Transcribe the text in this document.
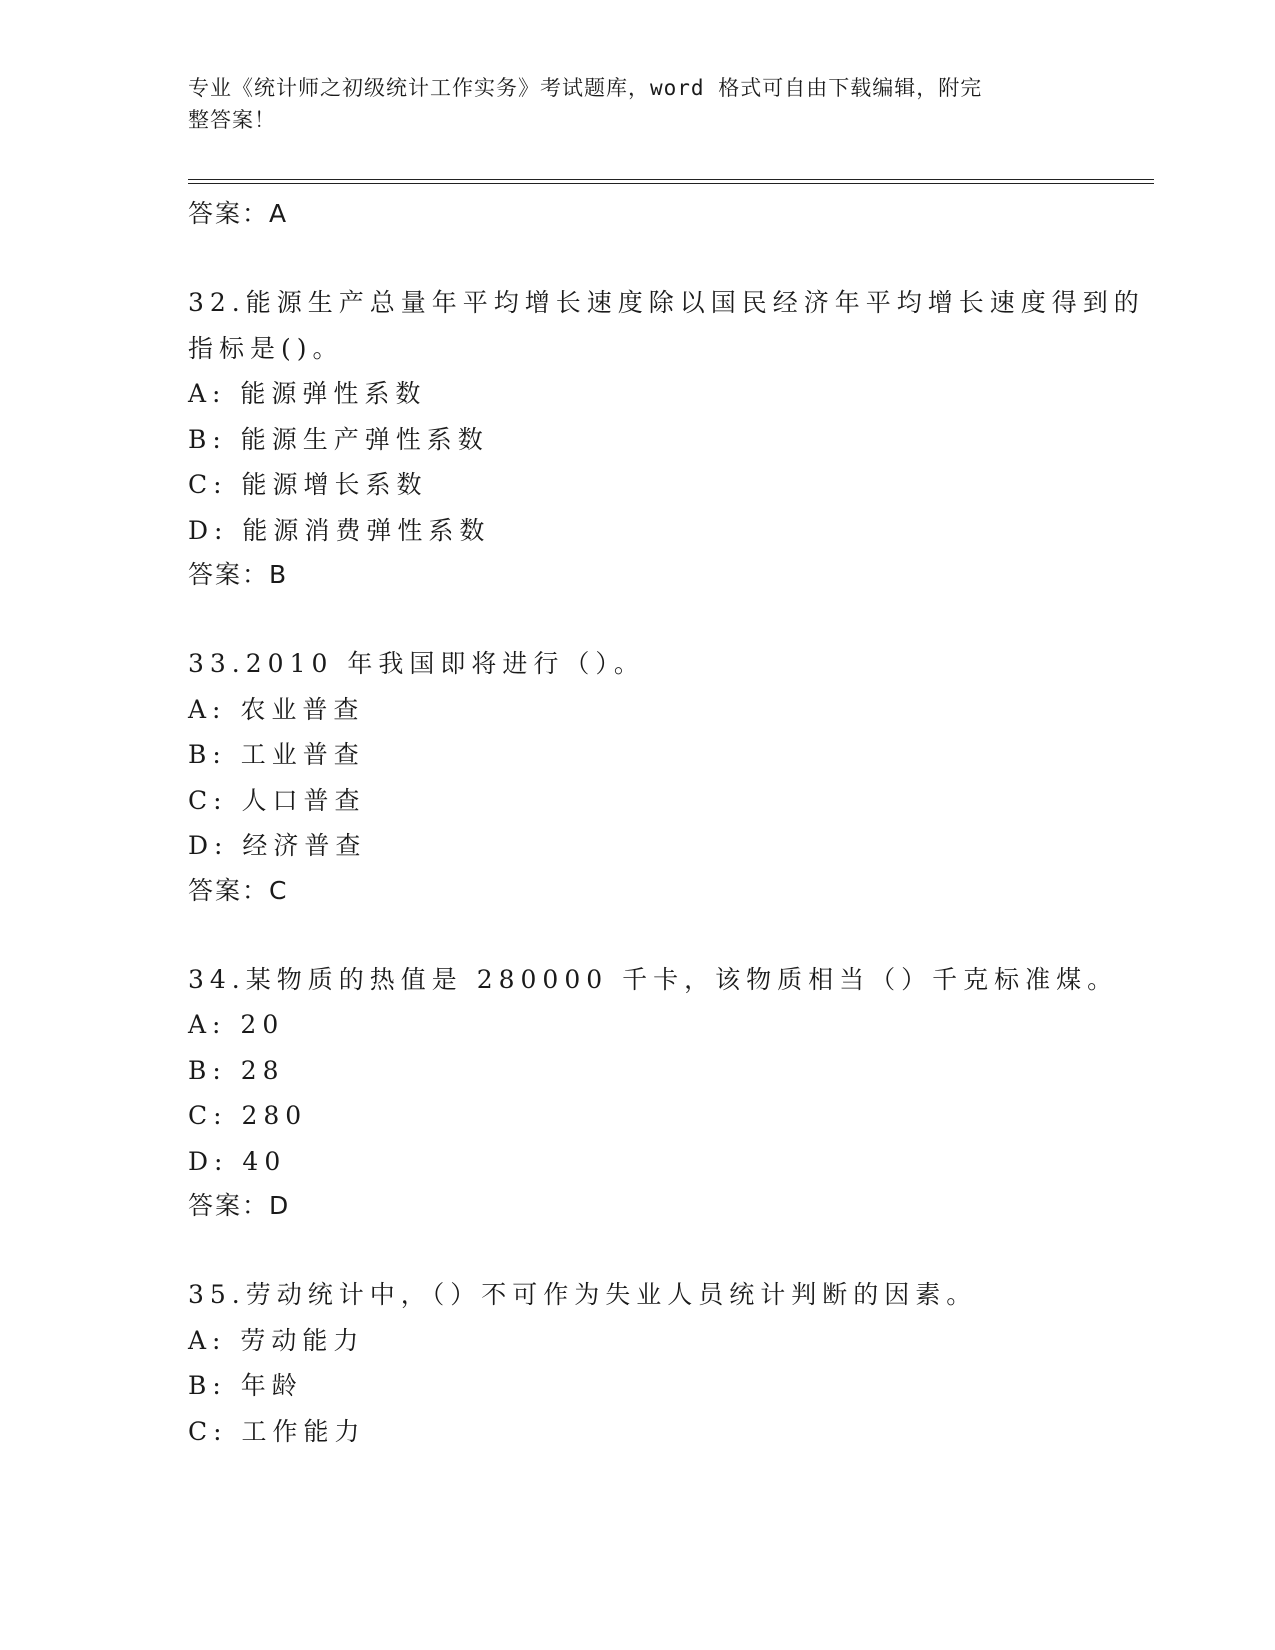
专业《统计师之初级统计工作实务》考试题库，word 格式可自由下载编辑，附完
整答案！
答案：A
32.能源生产总量年平均增长速度除以国民经济年平均增长速度得到的
指标是()。
A: 能源弹性系数
B: 能源生产弹性系数
C: 能源增长系数
D: 能源消费弹性系数
答案：B
33.2010 年我国即将进行（）。
A: 农业普查
B: 工业普查
C: 人口普查
D: 经济普查
答案：C
34.某物质的热值是 280000 千卡，该物质相当（）千克标准煤。
A: 20
B: 28
C: 280
D: 40
答案：D
35.劳动统计中，（）不可作为失业人员统计判断的因素。
A: 劳动能力
B: 年龄
C: 工作能力
